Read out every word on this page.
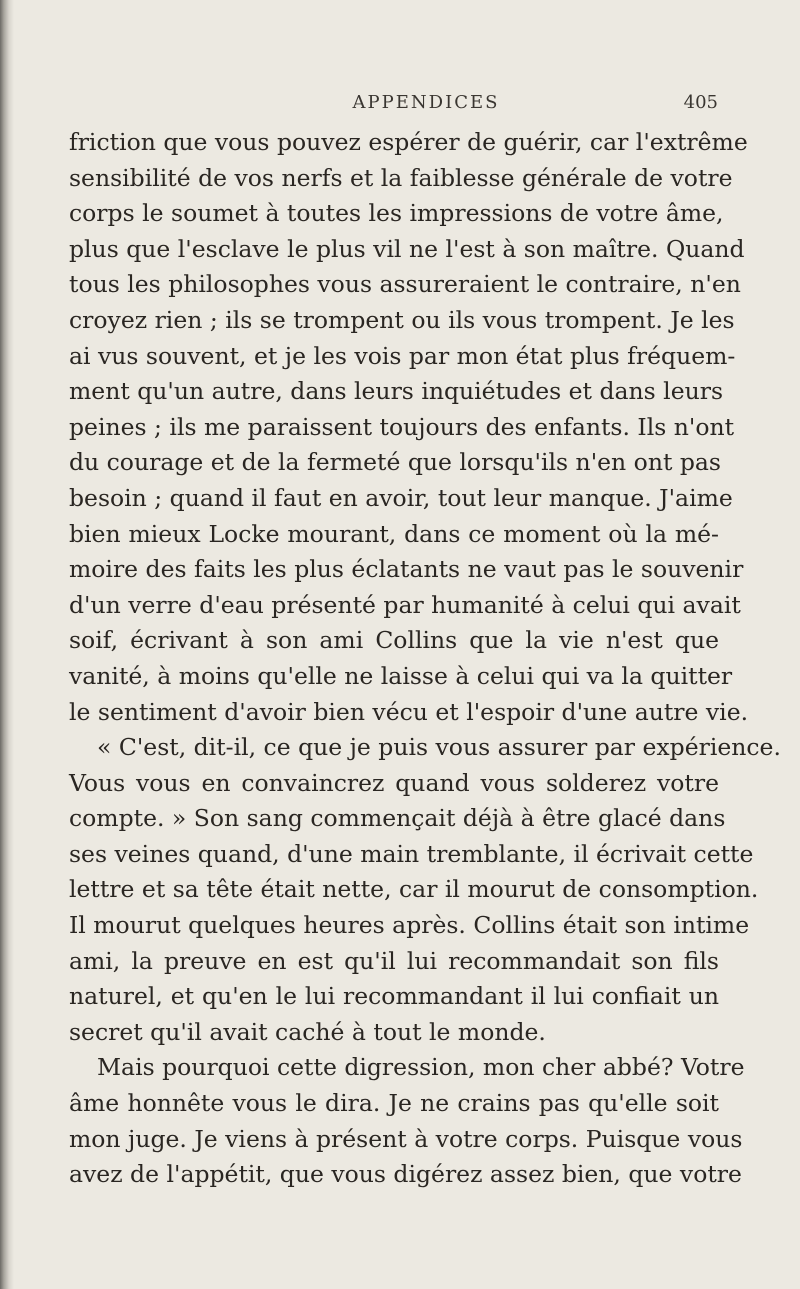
APPENDICES	405
friction que vous pouvez espérer de guérir, car l'extrême
sensibilité de vos nerfs et la faiblesse générale de votre
corps le soumet à toutes les impressions de votre âme,
plus que l'esclave le plus vil ne l'est à son maître. Quand
tous les philosophes vous assureraient le contraire, n'en
croyez rien ; ils se trompent ou ils vous trompent. Je les
ai vus souvent, et je les vois par mon état plus fréquem-
ment qu'un autre, dans leurs inquiétudes et dans leurs
peines ; ils me paraissent toujours des enfants. Ils n'ont
du courage et de la fermeté que lorsqu'ils n'en ont pas
besoin ; quand il faut en avoir, tout leur manque. J'aime
bien mieux Locke mourant, dans ce moment où la mé-
moire des faits les plus éclatants ne vaut pas le souvenir
d'un verre d'eau présenté par humanité à celui qui avait
soif, écrivant à son ami Collins que la vie n'est que
vanité, à moins qu'elle ne laisse à celui qui va la quitter
le sentiment d'avoir bien vécu et l'espoir d'une autre vie.
« C'est, dit-il, ce que je puis vous assurer par expérience.
Vous vous en convaincrez quand vous solderez votre
compte. » Son sang commençait déjà à être glacé dans
ses veines quand, d'une main tremblante, il écrivait cette
lettre et sa tête était nette, car il mourut de consomption.
Il mourut quelques heures après. Collins était son intime
ami, la preuve en est qu'il lui recommandait son fils
naturel, et qu'en le lui recommandant il lui confiait un
secret qu'il avait caché à tout le monde.
Mais pourquoi cette digression, mon cher abbé? Votre
âme honnête vous le dira. Je ne crains pas qu'elle soit
mon juge. Je viens à présent à votre corps. Puisque vous
avez de l'appétit, que vous digérez assez bien, que votre
